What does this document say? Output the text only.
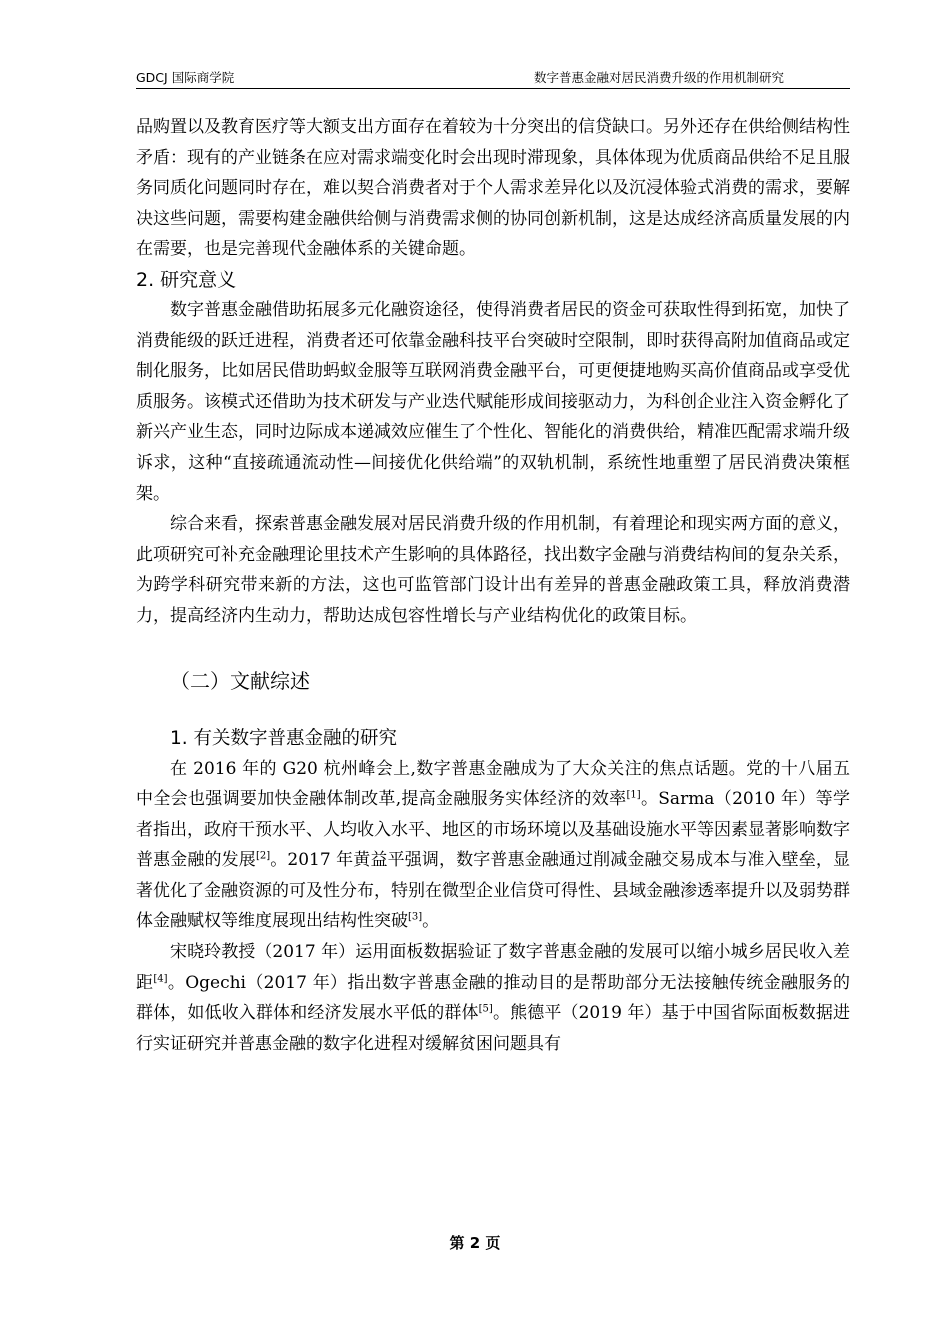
GDCJ 国际商学院	数字普惠金融对居民消费升级的作用机制研究

品购置以及教育医疗等大额支出方面存在着较为十分突出的信贷缺口。另外还存在供给侧结构性矛盾：现有的产业链条在应对需求端变化时会出现时滞现象，具体体现为优质商品供给不足且服务同质化问题同时存在，难以契合消费者对于个人需求差异化以及沉浸体验式消费的需求，要解决这些问题，需要构建金融供给侧与消费需求侧的协同创新机制，这是达成经济高质量发展的内在需要，也是完善现代金融体系的关键命题。

2. 研究意义

数字普惠金融借助拓展多元化融资途径，使得消费者居民的资金可获取性得到拓宽，加快了消费能级的跃迁进程，消费者还可依靠金融科技平台突破时空限制，即时获得高附加值商品或定制化服务，比如居民借助蚂蚁金服等互联网消费金融平台，可更便捷地购买高价值商品或享受优质服务。该模式还借助为技术研发与产业迭代赋能形成间接驱动力，为科创企业注入资金孵化了新兴产业生态，同时边际成本递减效应催生了个性化、智能化的消费供给，精准匹配需求端升级诉求，这种“直接疏通流动性—间接优化供给端”的双轨机制，系统性地重塑了居民消费决策框架。

综合来看，探索普惠金融发展对居民消费升级的作用机制，有着理论和现实两方面的意义，此项研究可补充金融理论里技术产生影响的具体路径，找出数字金融与消费结构间的复杂关系，为跨学科研究带来新的方法，这也可监管部门设计出有差异的普惠金融政策工具，释放消费潜力，提高经济内生动力，帮助达成包容性增长与产业结构优化的政策目标。

（二）文献综述

1. 有关数字普惠金融的研究

在 2016 年的 G20 杭州峰会上,数字普惠金融成为了大众关注的焦点话题。党的十八届五中全会也强调要加快金融体制改革,提高金融服务实体经济的效率[1]。Sarma（2010 年）等学者指出，政府干预水平、人均收入水平、地区的市场环境以及基础设施水平等因素显著影响数字普惠金融的发展[2]。2017 年黄益平强调，数字普惠金融通过削减金融交易成本与准入壁垒，显著优化了金融资源的可及性分布，特别在微型企业信贷可得性、县域金融渗透率提升以及弱势群体金融赋权等维度展现出结构性突破[3]。

宋晓玲教授（2017 年）运用面板数据验证了数字普惠金融的发展可以缩小城乡居民收入差距[4]。Ogechi（2017 年）指出数字普惠金融的推动目的是帮助部分无法接触传统金融服务的群体，如低收入群体和经济发展水平低的群体[5]。熊德平（2019 年）基于中国省际面板数据进行实证研究并普惠金融的数字化进程对缓解贫困问题具有

第 2 页
